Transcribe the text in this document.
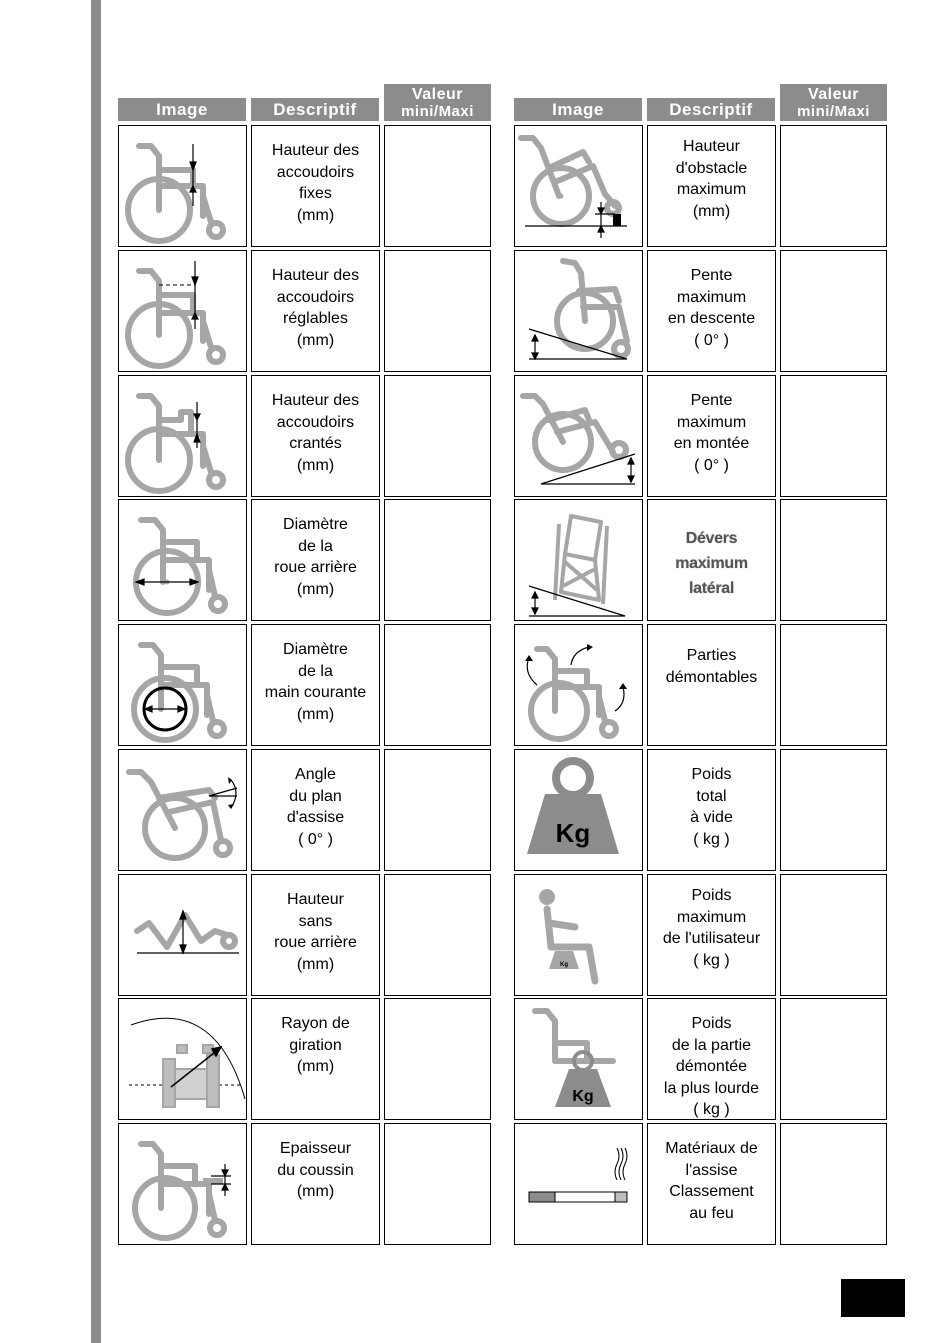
Image	Descriptif
Valeur

mini/Maxi
Hauteur des
accoudoirs
fixes
(mm)
Hauteur des
accoudoirs
réglables
(mm)
Hauteur des
accoudoirs
crantés
(mm)
Diamètre
de la
roue arrière
(mm)
Diamètre
de la
main courante
(mm)
Angle
du plan
d'assise
( 0° )
Hauteur
sans
roue arrière
(mm)
Rayon de
giration
(mm)
Epaisseur
du coussin
(mm)
Image	Descriptif
Valeur

mini/Maxi
Hauteur
d'obstacle
maximum
(mm)
Pente
maximum
en descente
( 0° )
Pente
maximum
en montée
( 0° )
Dévers
maximum
latéral
Parties
démontables
Kg
Poids
total
à vide
( kg )
Kg
Poids
maximum
de l'utilisateur
( kg )
Kg
Poids
de la partie
démontée
la plus lourde
( kg )
Matériaux de
l'assise
Classement
au feu
